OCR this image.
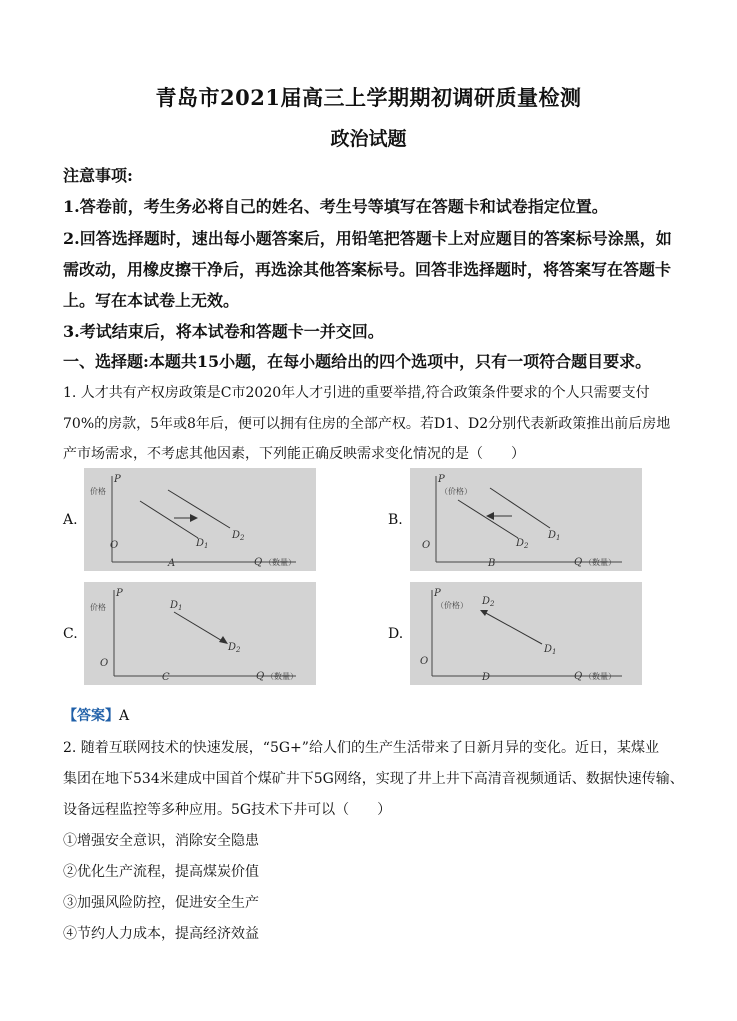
青岛市2021届高三上学期期初调研质量检测
政治试题
注意事项:
1.答卷前，考生务必将自己的姓名、考生号等填写在答题卡和试卷指定位置。
2.回答选择题时，速出每小题答案后，用铅笔把答题卡上对应题目的答案标号涂黑，如
需改动，用橡皮擦干净后，再选涂其他答案标号。回答非选择题时，将答案写在答题卡
上。写在本试卷上无效。
3.考试结束后，将本试卷和答题卡一并交回。
一、选择题:本题共15小题，在每小题给出的四个选项中，只有一项符合题目要求。
1. 人才共有产权房政策是C市2020年人才引进的重要举措,符合政策条件要求的个人只需要支付
70%的房款，5年或8年后，便可以拥有住房的全部产权。若D1、D2分别代表新政策推出前后房地
产市场需求，不考虑其他因素，下列能正确反映需求变化情况的是（　　）
A.
P
价格
O
Q （数量）
A
$D_1$
$D_2$
B.
P
（价格）
O
Q （数量）
B
$D_2$
$D_1$
C.
P
价格
O
Q （数量）
C
$D_1$
$D_2$
D.
P
（价格）
O
Q （数量）
D
$D_2$
$D_1$
【答案】A
2. 随着互联网技术的快速发展，“5G+”给人们的生产生活带来了日新月异的变化。近日，某煤业
集团在地下534米建成中国首个煤矿井下5G网络，实现了井上井下高清音视频通话、数据快速传输、
设备远程监控等多种应用。5G技术下井可以（　　）
①增强安全意识，消除安全隐患
②优化生产流程，提高煤炭价值
③加强风险防控，促进安全生产
④节约人力成本，提高经济效益
